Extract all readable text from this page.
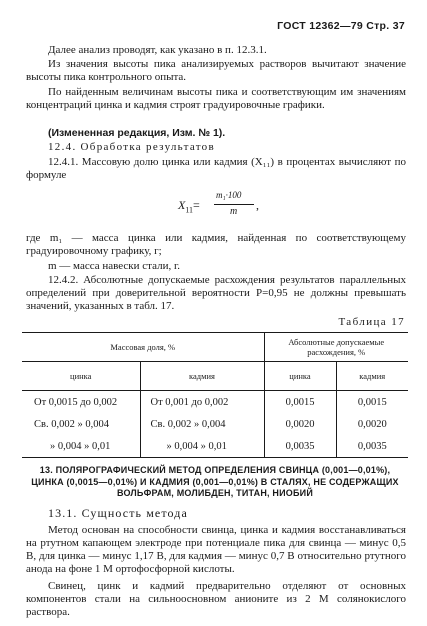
ГОСТ 12362—79 Стр. 37

Далее анализ проводят, как указано в п. 12.3.1.

Из значения высоты пика анализируемых растворов вычитают значение высоты пика контрольного опыта.

По найденным величинам высоты пика и соответствующим им значениям концентраций цинка и кадмия строят градуировочные графики.

(Измененная редакция, Изм. № 1).

12.4. Обработка результатов

12.4.1. Массовую долю цинка или кадмия (X₁₁) в процентах вычисляют по формуле

$X_{11}=$
m₁·100
m ,

где m₁ — масса цинка или кадмия, найденная по соответствующему градуировочному графику, г;

m — масса навески стали, г.

12.4.2. Абсолютные допускаемые расхождения результатов параллельных определений при доверительной вероятности P=0,95 не должны превышать значений, указанных в табл. 17.

Таблица 17
Массовая доля, %		Абсолютные допускаемые расхождения, %	
цинка	кадмия	цинка	кадмия
От 0,0015 до 0,002	От 0,001 до 0,002	0,0015	0,0015
Св. 0,002 » 0,004	Св. 0,002 » 0,004	0,0020	0,0020
» 0,004 » 0,01	» 0,004 » 0,01	0,0035	0,0035
13. ПОЛЯРОГРАФИЧЕСКИЙ МЕТОД ОПРЕДЕЛЕНИЯ СВИНЦА (0,001—0,01%), ЦИНКА (0,0015—0,01%) И КАДМИЯ (0,001—0,01%) В СТАЛЯХ, НЕ СОДЕРЖАЩИХ ВОЛЬФРАМ, МОЛИБДЕН, ТИТАН, НИОБИЙ
13.1. Сущность метода

Метод основан на способности свинца, цинка и кадмия восстанавливаться на ртутном капающем электроде при потенциале пика для свинца — минус 0,5 В, для цинка — минус 1,17 В, для кадмия — минус 0,7 В относительно ртутного анода на фоне 1 М ортофосфорной кислоты.

Свинец, цинк и кадмий предварительно отделяют от основных компонентов стали на сильноосновном анионите из 2 М солянокислого раствора.
